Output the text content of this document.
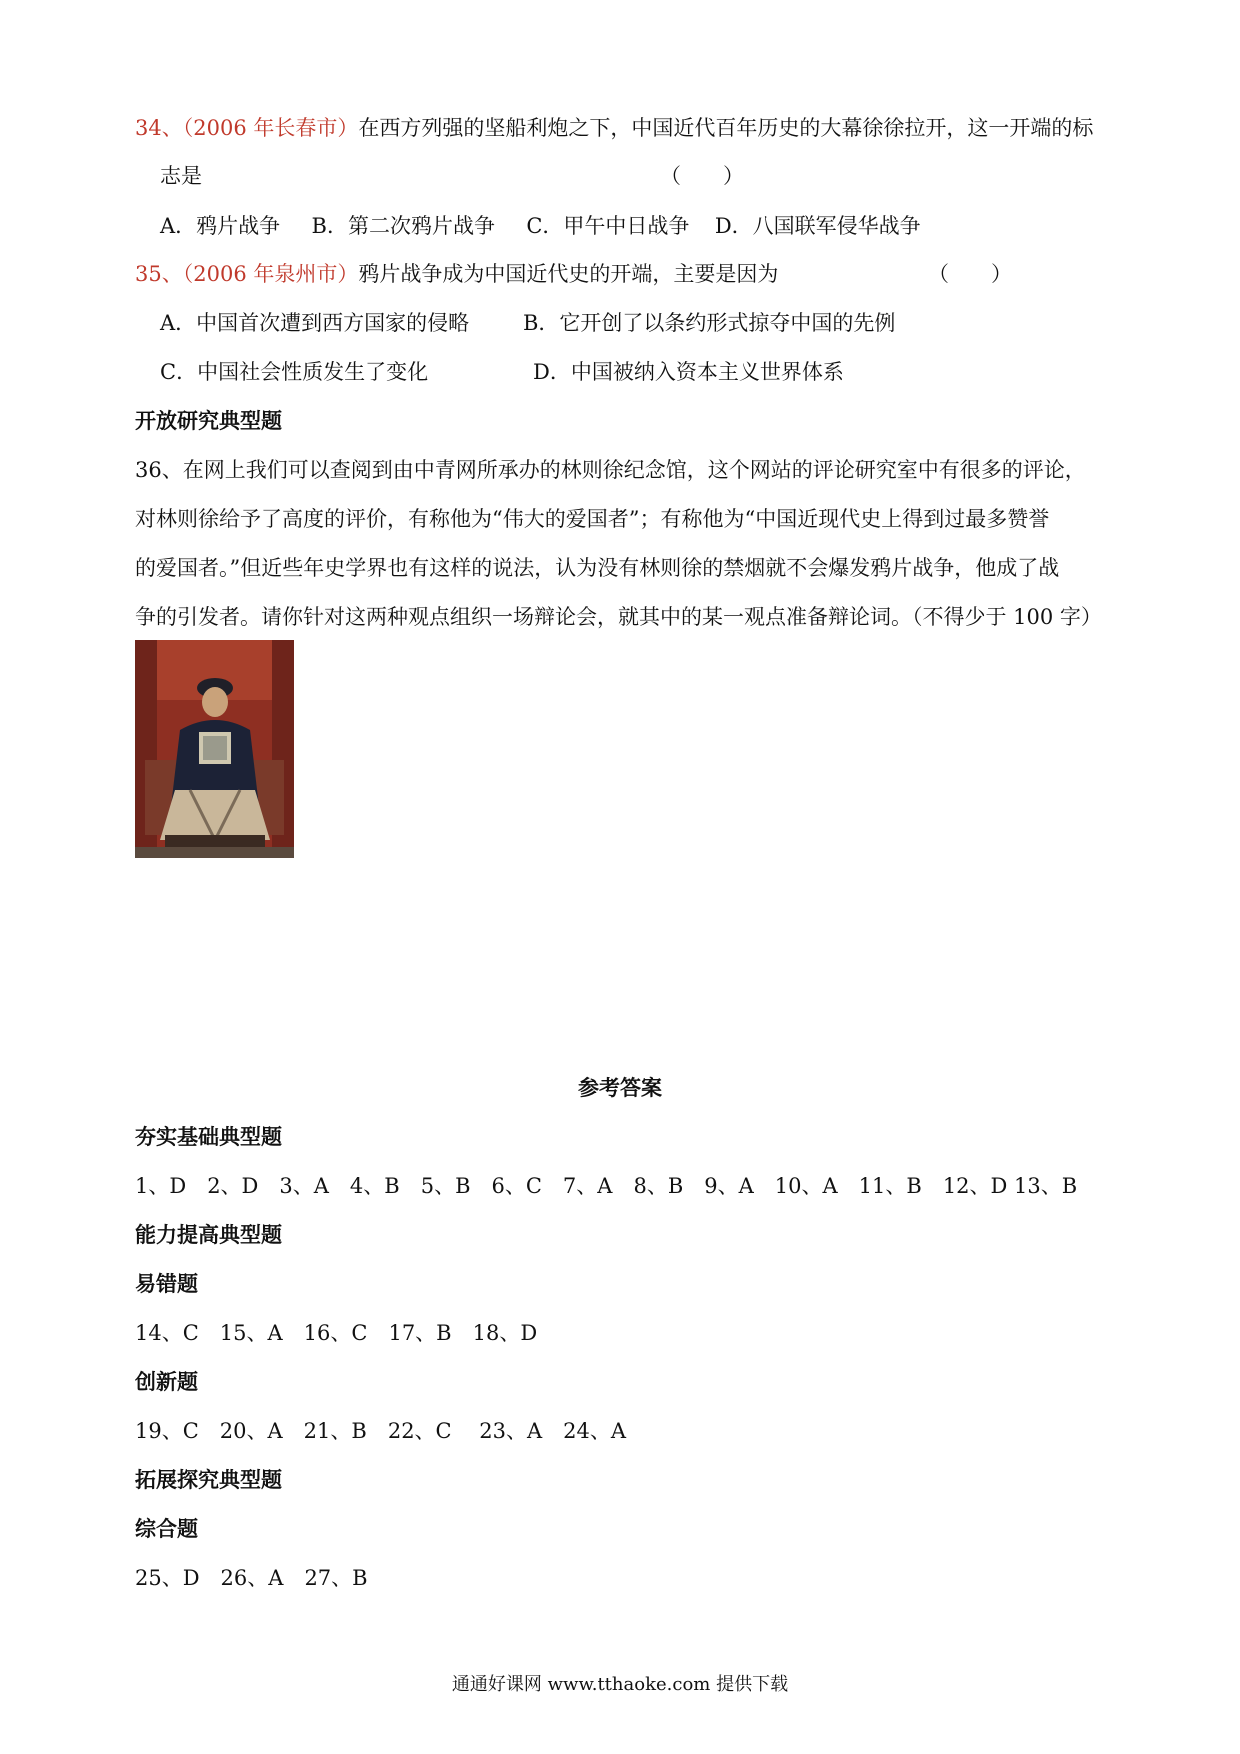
34、（2006 年长春市）在西方列强的坚船利炮之下，中国近代百年历史的大幕徐徐拉开，这一开端的标
志是	（　　）
A．鸦片战争 B．第二次鸦片战争 C．甲午中日战争 D．八国联军侵华战争
35、（2006 年泉州市）鸦片战争成为中国近代史的开端，主要是因为	（　　）
A．中国首次遭到西方国家的侵略	B．它开创了以条约形式掠夺中国的先例
C．中国社会性质发生了变化	D．中国被纳入资本主义世界体系
开放研究典型题
36、在网上我们可以查阅到由中青网所承办的林则徐纪念馆，这个网站的评论研究室中有很多的评论，
对林则徐给予了高度的评价，有称他为“伟大的爱国者”；有称他为“中国近现代史上得到过最多赞誉
的爱国者。”但近些年史学界也有这样的说法，认为没有林则徐的禁烟就不会爆发鸦片战争，他成了战
争的引发者。请你针对这两种观点组织一场辩论会，就其中的某一观点准备辩论词。（不得少于 100 字）
参考答案
夯实基础典型题
1、D　2、D　3、A　4、B　5、B　6、C　7、A　8、B　9、A　10、A　11、B　12、D 13、B
能力提高典型题
易错题
14、C　15、A　16、C　17、B　18、D
创新题
19、C　20、A　21、B　22、C　 23、A　24、A
拓展探究典型题
综合题
25、D　26、A　27、B
通通好课网 www.tthaoke.com 提供下载
